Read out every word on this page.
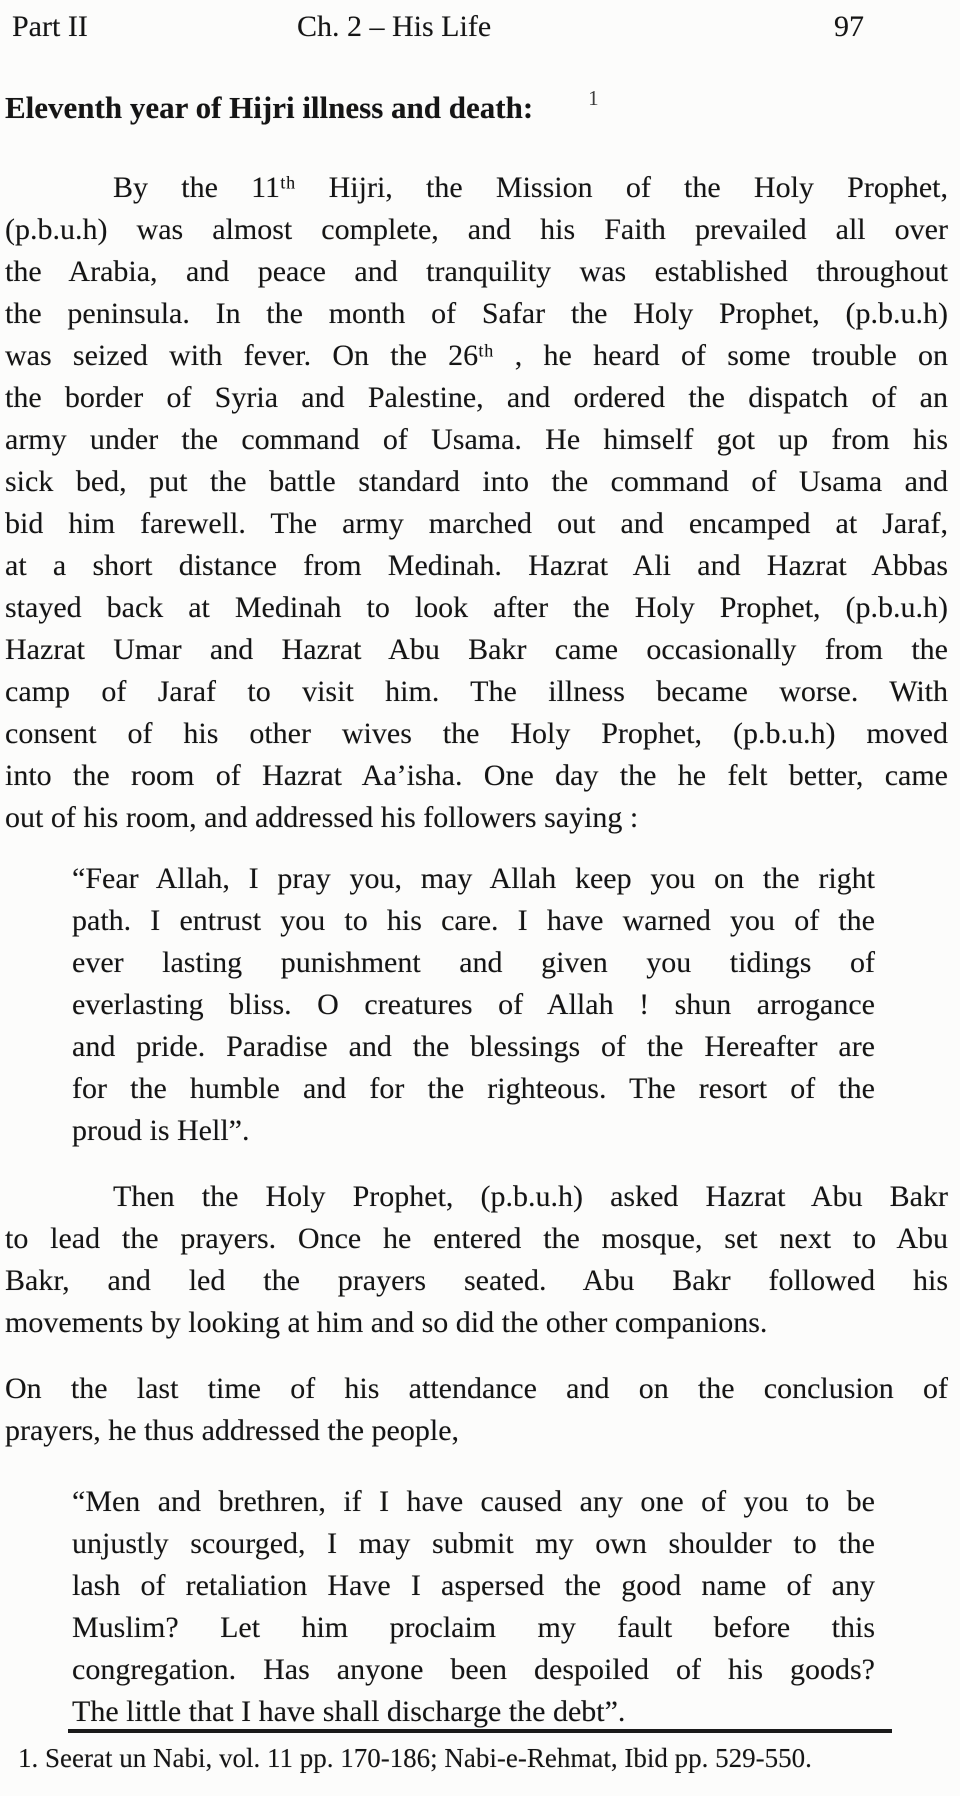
Part II	Ch. 2 – His Life	97
Eleventh year of Hijri illness and death:	$^1$
By the 11ᵗʰ Hijri, the Mission of the Holy Prophet,
(p.b.u.h) was almost complete, and his Faith prevailed all over
the Arabia, and peace and tranquility was established throughout
the peninsula. In the month of Safar the Holy Prophet, (p.b.u.h)
was seized with fever. On the 26ᵗʰ , he heard of some trouble on
the border of Syria and Palestine, and ordered the dispatch of an
army under the command of Usama. He himself got up from his
sick bed, put the battle standard into the command of Usama and
bid him farewell. The army marched out and encamped at Jaraf,
at a short distance from Medinah. Hazrat Ali and Hazrat Abbas
stayed back at Medinah to look after the Holy Prophet, (p.b.u.h)
Hazrat Umar and Hazrat Abu Bakr came occasionally from the
camp of Jaraf to visit him. The illness became worse. With
consent of his other wives the Holy Prophet, (p.b.u.h) moved
into the room of Hazrat Aa’isha. One day the he felt better, came
out of his room, and addressed his followers saying :
“Fear Allah, I pray you, may Allah keep you on the right
path. I entrust you to his care. I have warned you of the
ever lasting punishment and given you tidings of
everlasting bliss. O creatures of Allah ! shun arrogance
and pride. Paradise and the blessings of the Hereafter are
for the humble and for the righteous. The resort of the
proud is Hell”.
Then the Holy Prophet, (p.b.u.h) asked Hazrat Abu Bakr
to lead the prayers. Once he entered the mosque, set next to Abu
Bakr, and led the prayers seated. Abu Bakr followed his
movements by looking at him and so did the other companions.
On the last time of his attendance and on the conclusion of
prayers, he thus addressed the people,
“Men and brethren, if I have caused any one of you to be
unjustly scourged, I may submit my own shoulder to the
lash of retaliation Have I aspersed the good name of any
Muslim? Let him proclaim my fault before this
congregation. Has anyone been despoiled of his goods?
The little that I have shall discharge the debt”.
1. Seerat un Nabi, vol. 11 pp. 170-186; Nabi-e-Rehmat, Ibid pp. 529-550.
